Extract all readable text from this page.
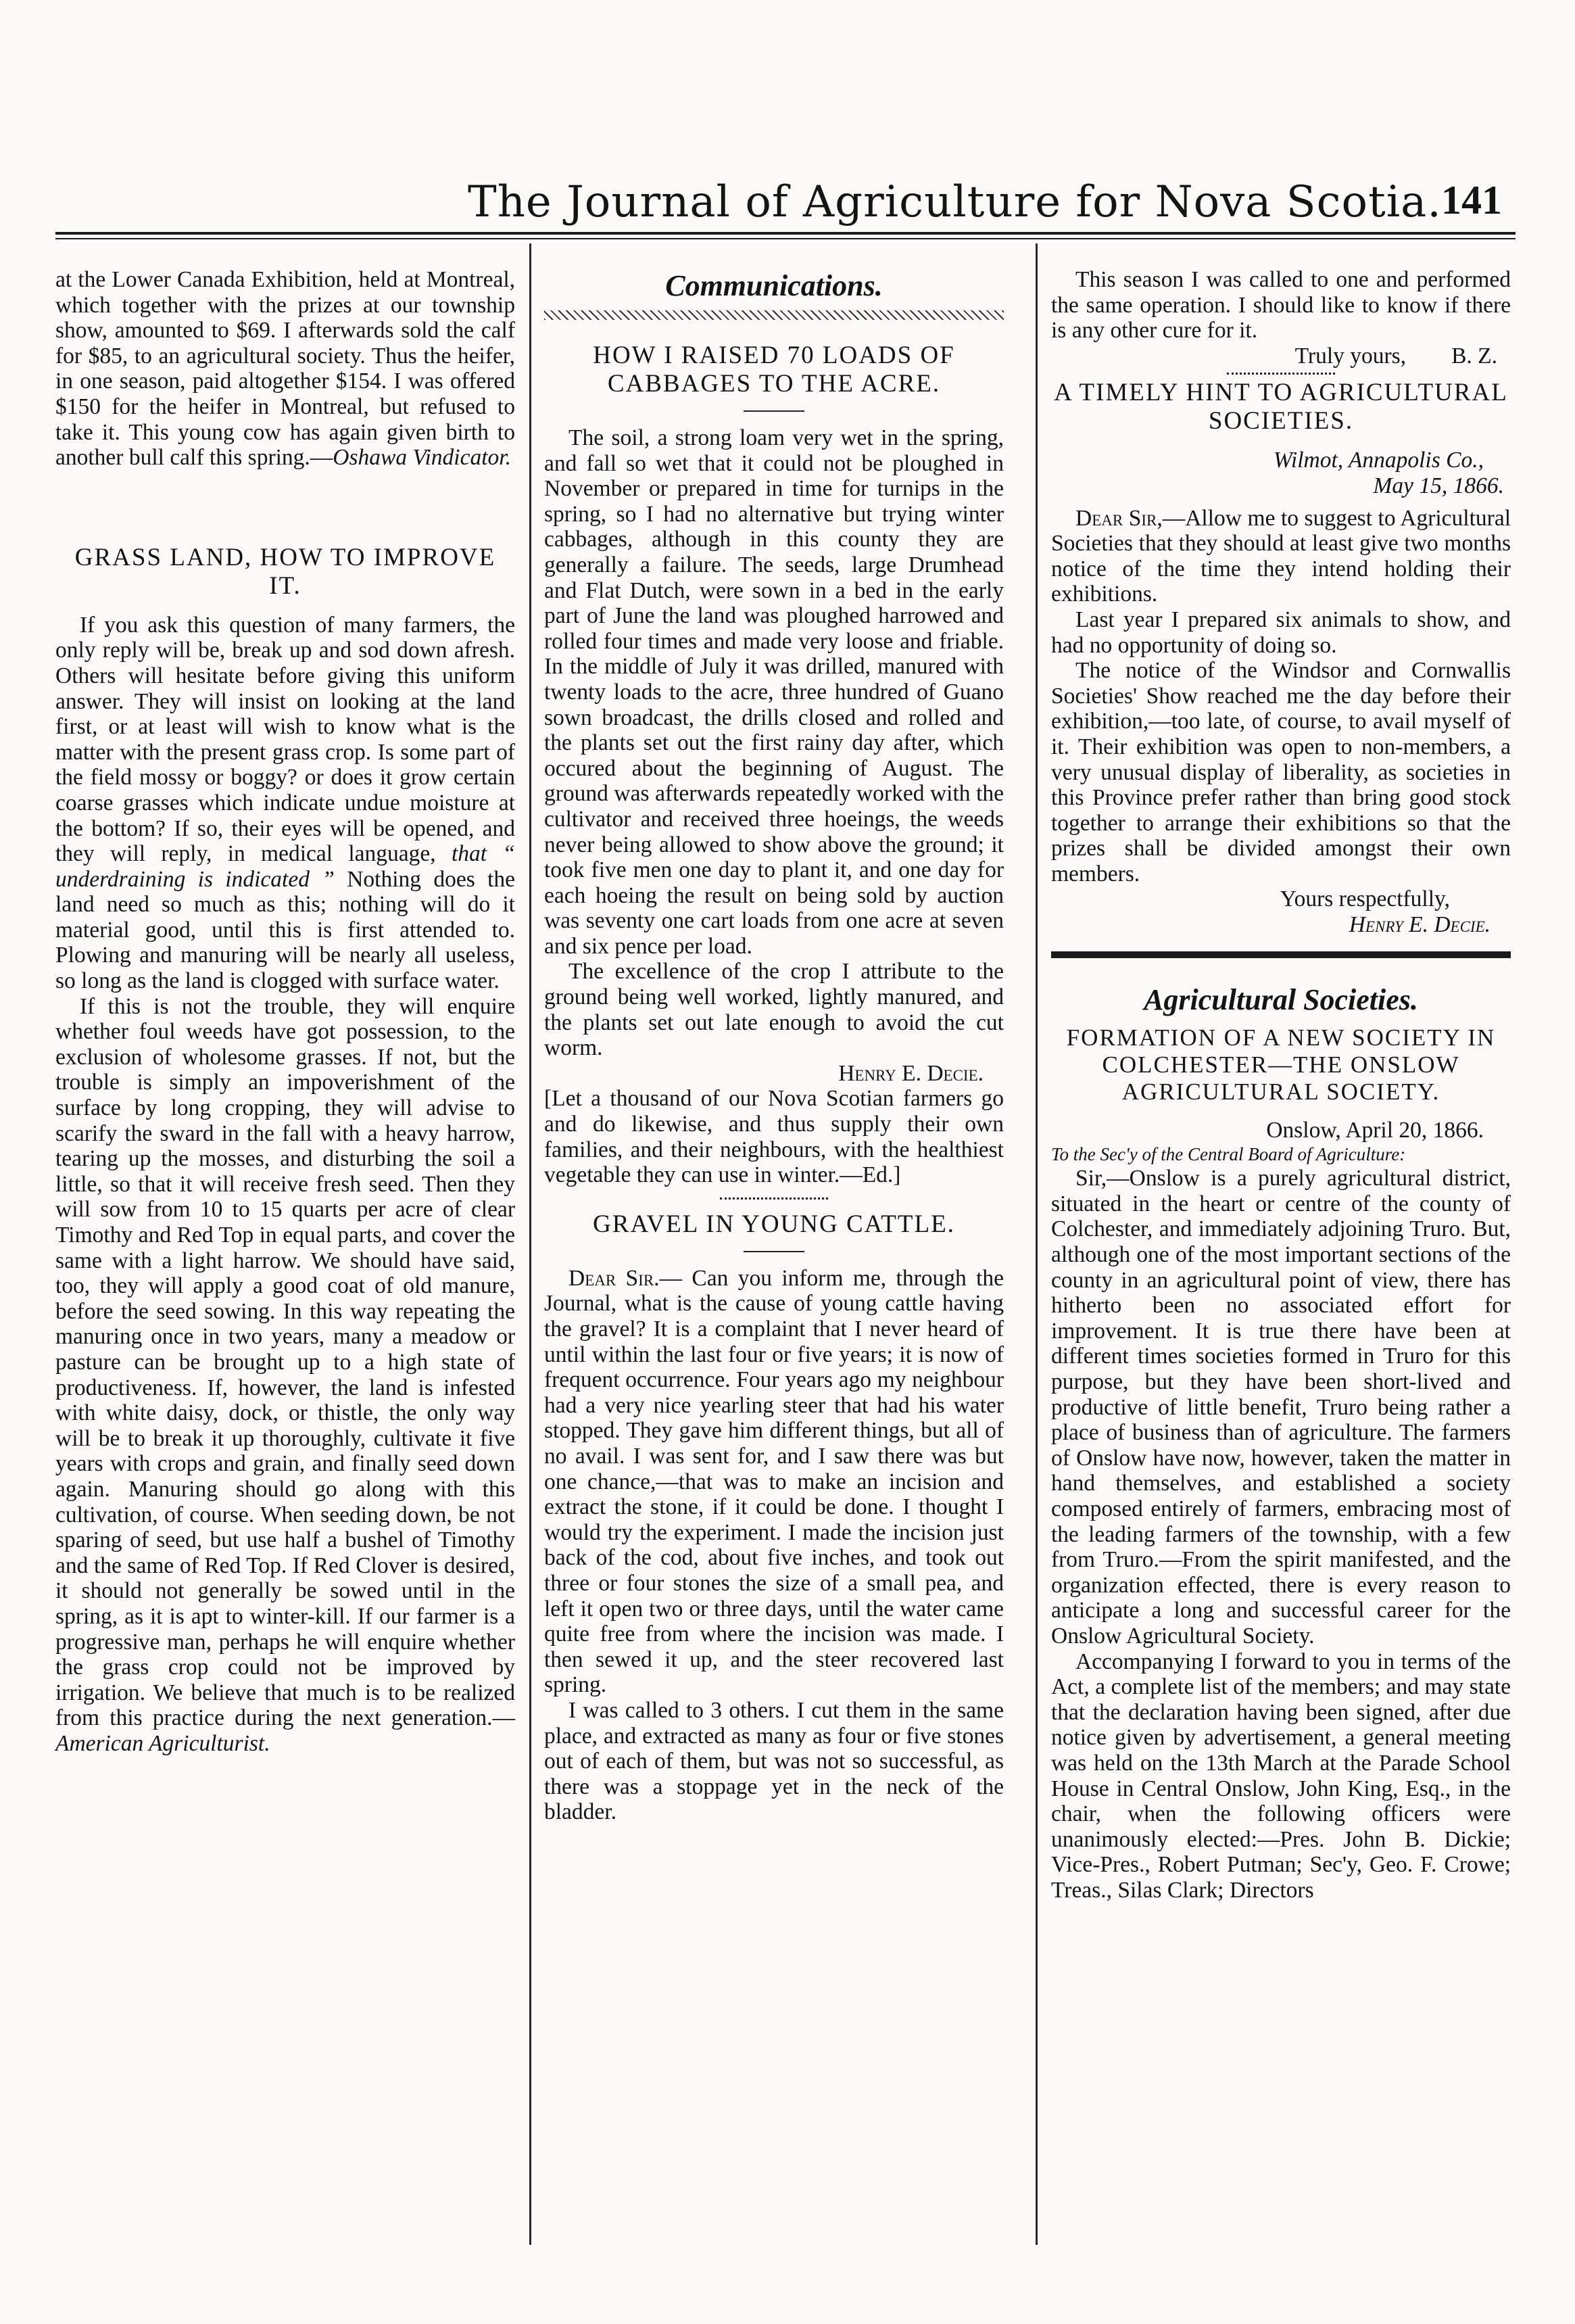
The Journal of Agriculture for Nova Scotia. 141

at the Lower Canada Exhibition, held at Montreal, which together with the prizes at our township show, amounted to $69. I afterwards sold the calf for $85, to an agricultural society. Thus the heifer, in one season, paid altogether $154. I was offered $150 for the heifer in Montreal, but refused to take it. This young cow has again given birth to another bull calf this spring.—Oshawa Vindicator.

GRASS LAND, HOW TO IMPROVE IT.

If you ask this question of many farmers, the only reply will be, break up and sod down afresh. Others will hesitate before giving this uniform answer. They will insist on looking at the land first, or at least will wish to know what is the matter with the present grass crop. Is some part of the field mossy or boggy? or does it grow certain coarse grasses which indicate undue moisture at the bottom? If so, their eyes will be opened, and they will reply, in medical language, that “ underdraining is indicated ” Nothing does the land need so much as this; nothing will do it material good, until this is first attended to. Plowing and manuring will be nearly all useless, so long as the land is clogged with surface water.

If this is not the trouble, they will enquire whether foul weeds have got possession, to the exclusion of wholesome grasses. If not, but the trouble is simply an impoverishment of the surface by long cropping, they will advise to scarify the sward in the fall with a heavy harrow, tearing up the mosses, and disturbing the soil a little, so that it will receive fresh seed. Then they will sow from 10 to 15 quarts per acre of clear Timothy and Red Top in equal parts, and cover the same with a light harrow. We should have said, too, they will apply a good coat of old manure, before the seed sowing. In this way repeating the manuring once in two years, many a meadow or pasture can be brought up to a high state of productiveness. If, however, the land is infested with white daisy, dock, or thistle, the only way will be to break it up thoroughly, cultivate it five years with crops and grain, and finally seed down again. Manuring should go along with this cultivation, of course. When seeding down, be not sparing of seed, but use half a bushel of Timothy and the same of Red Top. If Red Clover is desired, it should not generally be sowed until in the spring, as it is apt to winter-kill. If our farmer is a progressive man, perhaps he will enquire whether the grass crop could not be improved by irrigation. We believe that much is to be realized from this practice during the next generation.—American Agriculturist.

Communications.
HOW I RAISED 70 LOADS OF CABBAGES TO THE ACRE.

The soil, a strong loam very wet in the spring, and fall so wet that it could not be ploughed in November or prepared in time for turnips in the spring, so I had no alternative but trying winter cabbages, although in this county they are generally a failure. The seeds, large Drumhead and Flat Dutch, were sown in a bed in the early part of June the land was ploughed harrowed and rolled four times and made very loose and friable. In the middle of July it was drilled, manured with twenty loads to the acre, three hundred of Guano sown broadcast, the drills closed and rolled and the plants set out the first rainy day after, which occured about the beginning of August. The ground was afterwards repeatedly worked with the cultivator and received three hoeings, the weeds never being allowed to show above the ground; it took five men one day to plant it, and one day for each hoeing the result on being sold by auction was seventy one cart loads from one acre at seven and six pence per load.

The excellence of the crop I attribute to the ground being well worked, lightly manured, and the plants set out late enough to avoid the cut worm.

Henry E. Decie.

[Let a thousand of our Nova Scotian farmers go and do likewise, and thus supply their own families, and their neighbours, with the healthiest vegetable they can use in winter.—Ed.]

GRAVEL IN YOUNG CATTLE.

Dear Sir.— Can you inform me, through the Journal, what is the cause of young cattle having the gravel? It is a complaint that I never heard of until within the last four or five years; it is now of frequent occurrence. Four years ago my neighbour had a very nice yearling steer that had his water stopped. They gave him different things, but all of no avail. I was sent for, and I saw there was but one chance,—that was to make an incision and extract the stone, if it could be done. I thought I would try the experiment. I made the incision just back of the cod, about five inches, and took out three or four stones the size of a small pea, and left it open two or three days, until the water came quite free from where the incision was made. I then sewed it up, and the steer recovered last spring.

I was called to 3 others. I cut them in the same place, and extracted as many as four or five stones out of each of them, but was not so successful, as there was a stoppage yet in the neck of the bladder.

This season I was called to one and performed the same operation. I should like to know if there is any other cure for it.

Truly yours,        B. Z.
A TIMELY HINT TO AGRICULTURAL SOCIETIES.
Wilmot, Annapolis Co.,
May 15, 1866.

Dear Sir,—Allow me to suggest to Agricultural Societies that they should at least give two months notice of the time they intend holding their exhibitions.

Last year I prepared six animals to show, and had no opportunity of doing so.

The notice of the Windsor and Cornwallis Societies' Show reached me the day before their exhibition,—too late, of course, to avail myself of it. Their exhibition was open to non-members, a very unusual display of liberality, as societies in this Province prefer rather than bring good stock together to arrange their exhibitions so that the prizes shall be divided amongst their own members.

Yours respectfully,
Henry E. Decie.
Agricultural Societies.
FORMATION OF A NEW SOCIETY IN COLCHESTER—THE ONSLOW AGRICULTURAL SOCIETY.
Onslow, April 20, 1866.
To the Sec'y of the Central Board of Agriculture:

Sir,—Onslow is a purely agricultural district, situated in the heart or centre of the county of Colchester, and immediately adjoining Truro. But, although one of the most important sections of the county in an agricultural point of view, there has hitherto been no associated effort for improvement. It is true there have been at different times societies formed in Truro for this purpose, but they have been short-lived and productive of little benefit, Truro being rather a place of business than of agriculture. The farmers of Onslow have now, however, taken the matter in hand themselves, and established a society composed entirely of farmers, embracing most of the leading farmers of the township, with a few from Truro.—From the spirit manifested, and the organization effected, there is every reason to anticipate a long and successful career for the Onslow Agricultural Society.

Accompanying I forward to you in terms of the Act, a complete list of the members; and may state that the declaration having been signed, after due notice given by advertisement, a general meeting was held on the 13th March at the Parade School House in Central Onslow, John King, Esq., in the chair, when the following officers were unanimously elected:—Pres. John B. Dickie; Vice-Pres., Robert Putman; Sec'y, Geo. F. Crowe; Treas., Silas Clark; Directors
